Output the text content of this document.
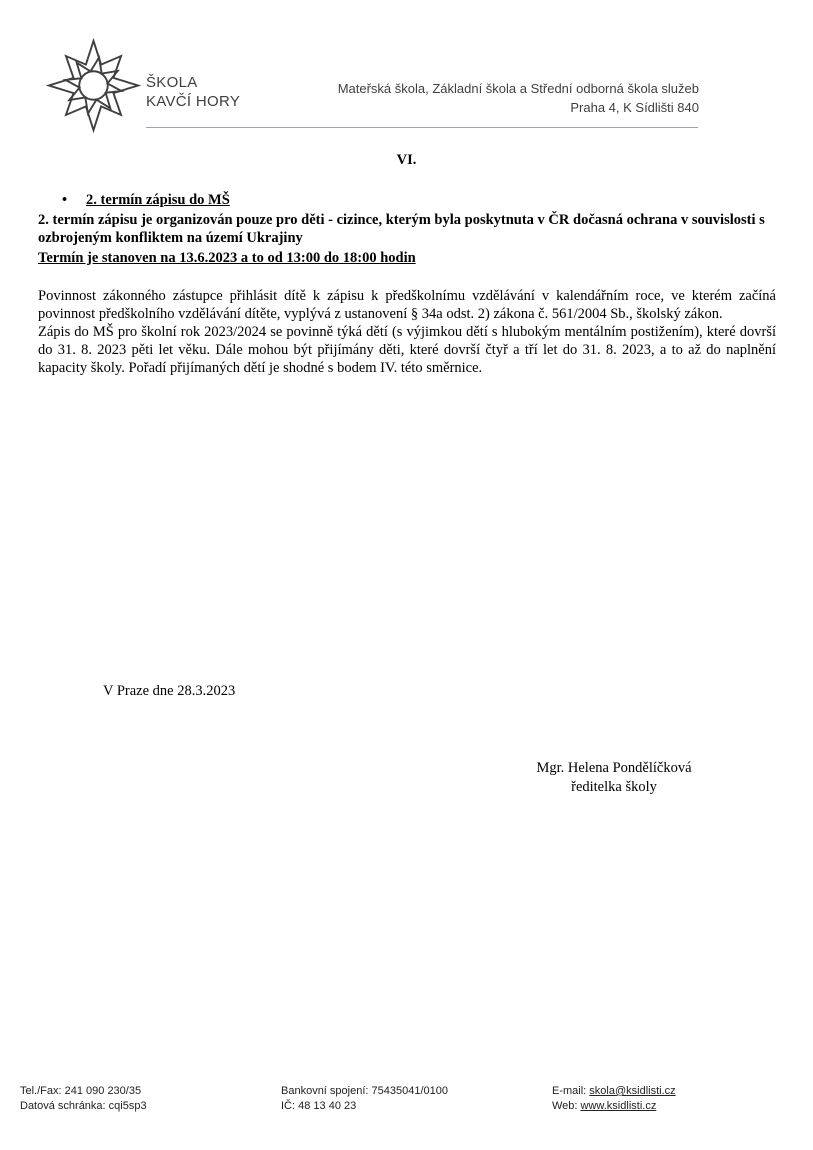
ŠKOLA
KAVČÍ HORY
Mateřská škola, Základní škola a Střední odborná škola služeb
Praha 4, K Sídlišti 840
VI.
• 2. termín zápisu do MŠ

2. termín zápisu je organizován pouze pro děti - cizince, kterým byla poskytnuta v ČR dočasná ochrana v souvislosti s ozbrojeným konfliktem na území Ukrajiny

Termín je stanoven na 13.6.2023 a to od 13:00 do 18:00 hodin

Povinnost zákonného zástupce přihlásit dítě k zápisu k předškolnímu vzdělávání v kalendářním roce, ve kterém začíná povinnost předškolního vzdělávání dítěte, vyplývá z ustanovení § 34a odst. 2) zákona č. 561/2004 Sb., školský zákon.

Zápis do MŠ pro školní rok 2023/2024 se povinně týká dětí (s výjimkou dětí s hlubokým mentálním postižením), které dovrší do 31. 8. 2023 pěti let věku. Dále mohou být přijímány děti, které dovrší čtyř a tří let do 31. 8. 2023, a to až do naplnění kapacity školy. Pořadí přijímaných dětí je shodné s bodem IV. této směrnice.

V Praze dne 28.3.2023
Mgr. Helena Pondělíčková
ředitelka školy
Tel./Fax: 241 090 230/35
Datová schránka: cqi5sp3
Bankovní spojení: 75435041/0100
IČ: 48 13 40 23
E-mail: skola@ksidlisti.cz
Web: www.ksidlisti.cz
